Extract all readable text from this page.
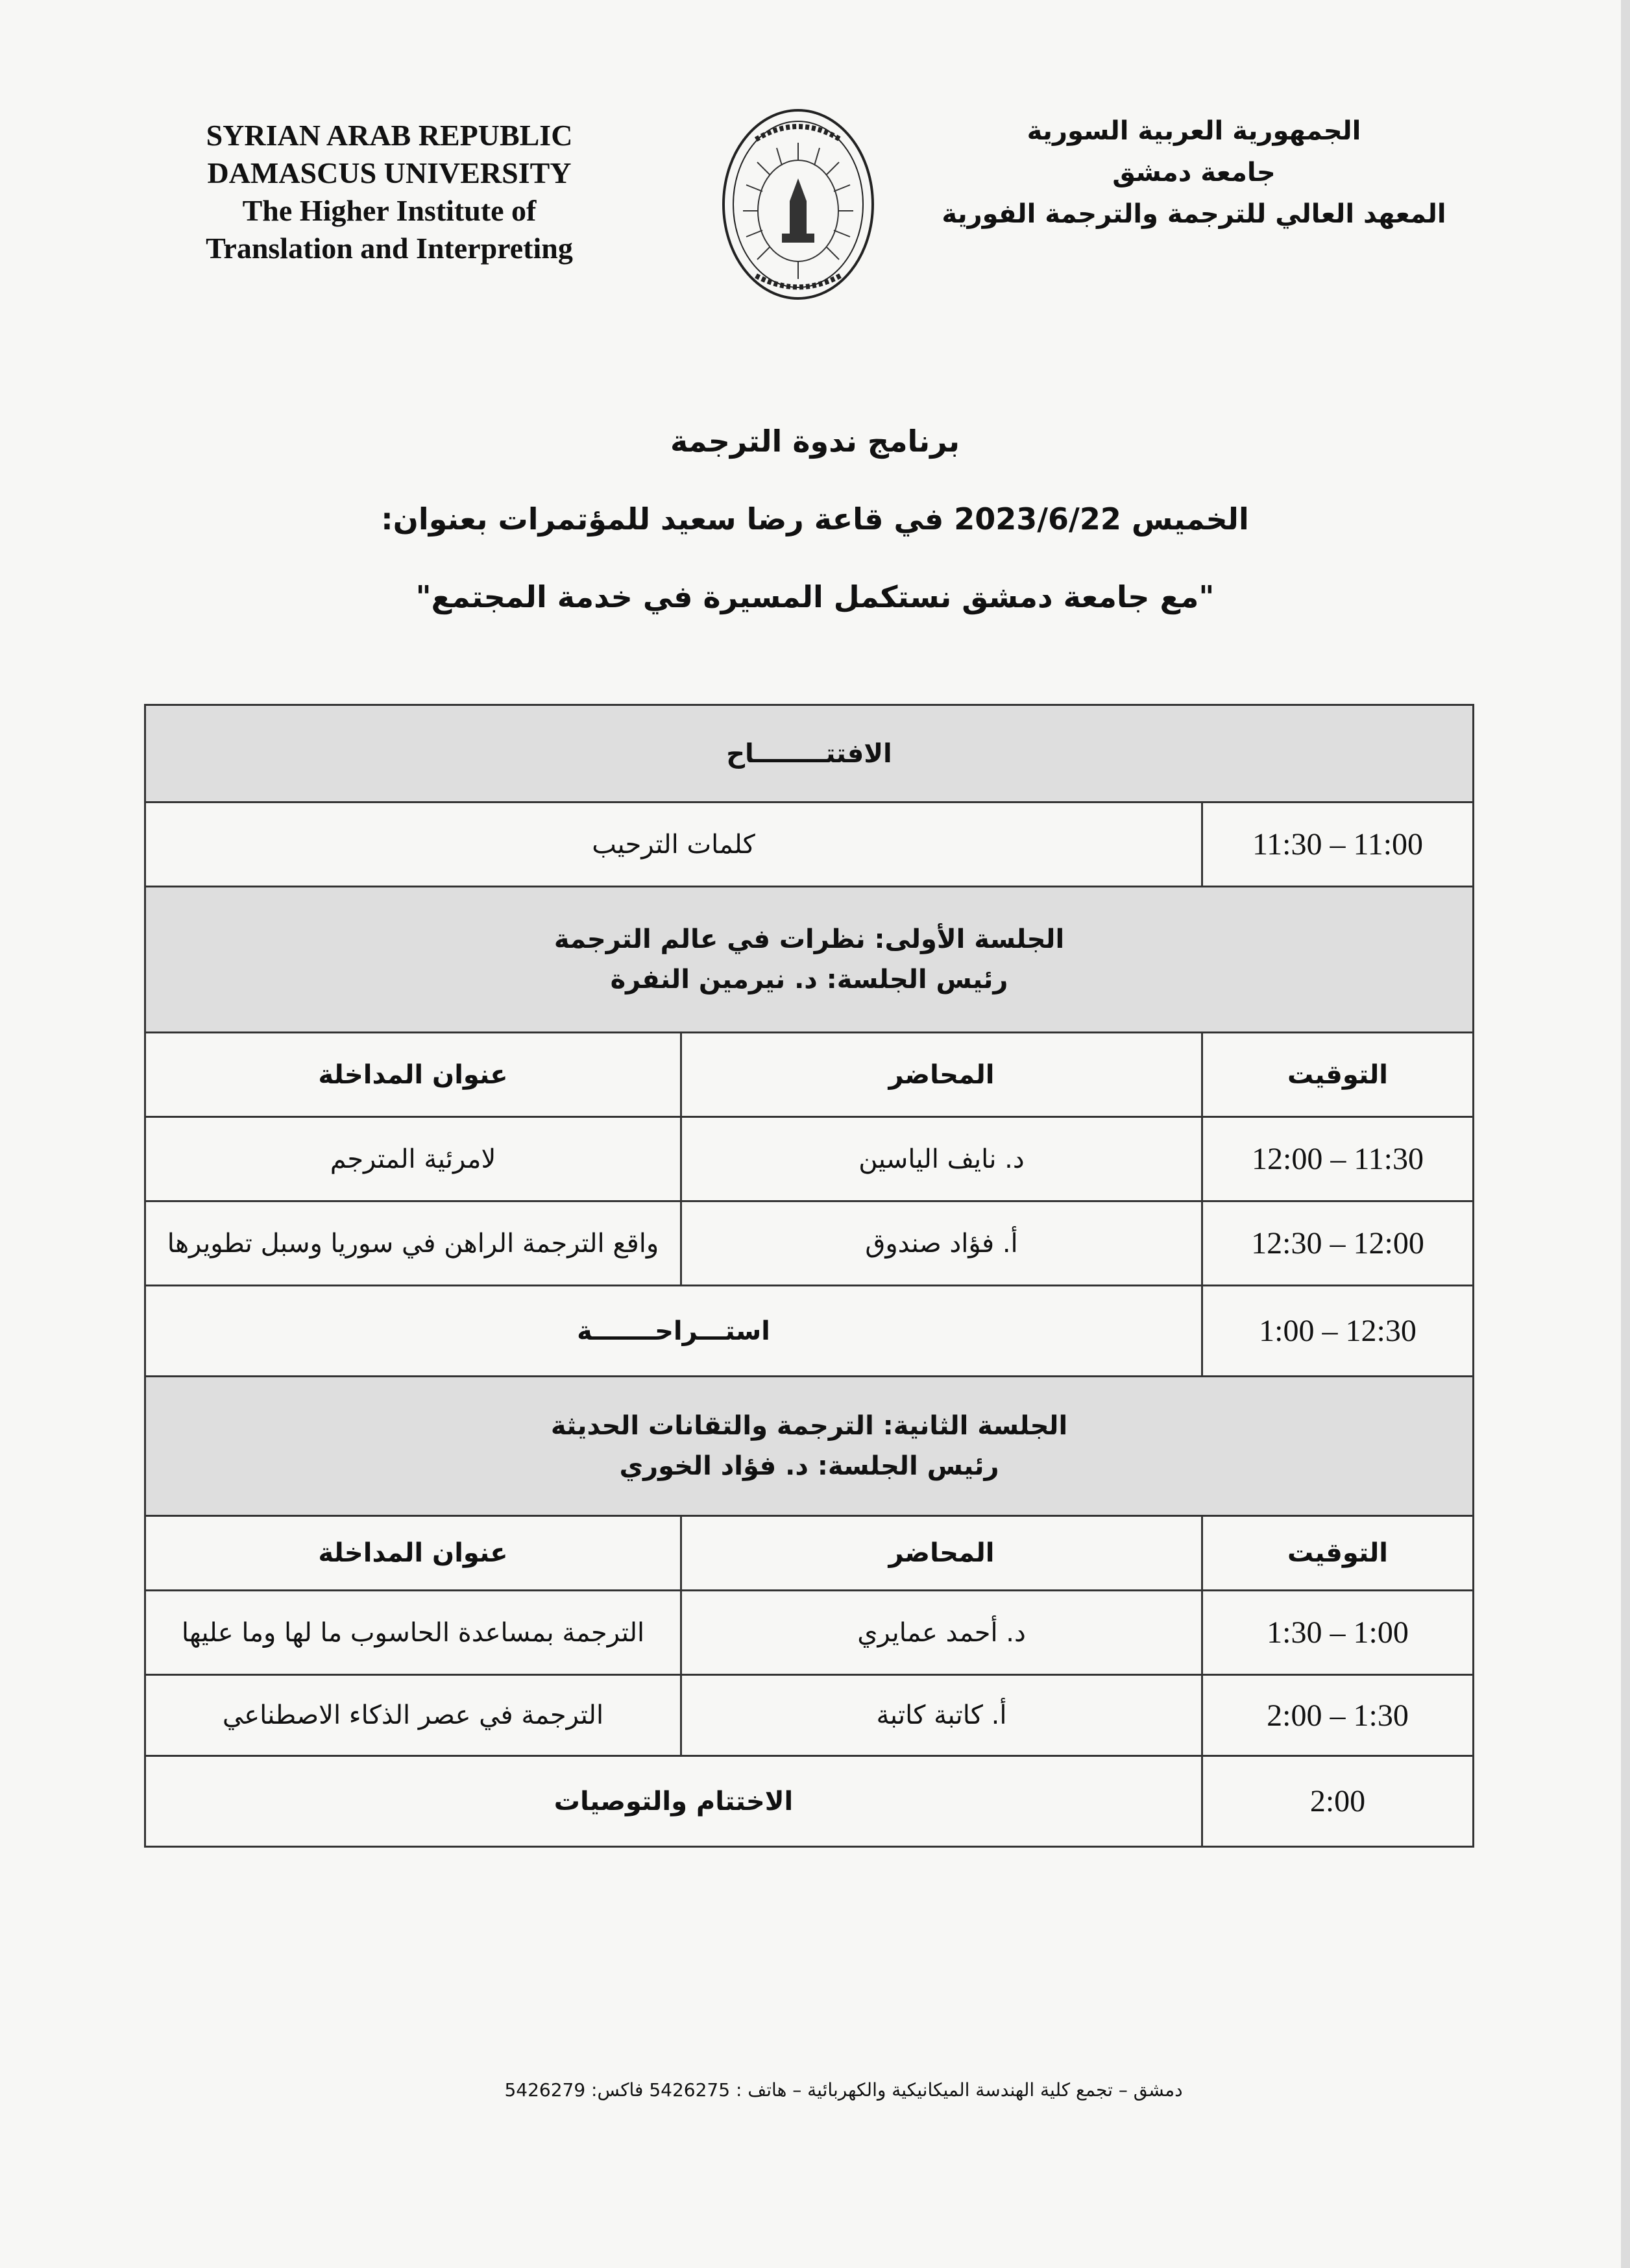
SYRIAN ARAB REPUBLIC
DAMASCUS UNIVERSITY
The Higher Institute of
Translation and Interpreting
الجمهورية العربية السورية
جامعة دمشق
المعهد العالي للترجمة والترجمة الفورية
برنامج ندوة الترجمة
الخميس 2023/6/22 في قاعة رضا سعيد للمؤتمرات بعنوان:
"مع جامعة دمشق نستكمل المسيرة في خدمة المجتمع"
الافتتــــــــاح		
11:00 – 11:30	كلمات الترحيب	

الجلسة الأولى: نظرات في عالم الترجمة
رئيس الجلسة: د. نيرمين النفرة		

التوقيت	المحاضر	عنوان المداخلة
11:30 – 12:00	د. نايف الياسين	لامرئية المترجم
12:00 – 12:30	أ. فؤاد صندوق	واقع الترجمة الراهن في سوريا وسبل تطويرها
12:30 – 1:00	استـــراحـــــــة	

الجلسة الثانية: الترجمة والتقانات الحديثة
رئيس الجلسة: د. فؤاد الخوري		

التوقيت	المحاضر	عنوان المداخلة
1:00 – 1:30	د. أحمد عمايري	الترجمة بمساعدة الحاسوب ما لها وما عليها
1:30 – 2:00	أ. كاتبة كاتبة	الترجمة في عصر الذكاء الاصطناعي
2:00	الاختتام والتوصيات	
دمشق – تجمع كلية الهندسة الميكانيكية والكهربائية – هاتف : 5426275 فاكس: 5426279
